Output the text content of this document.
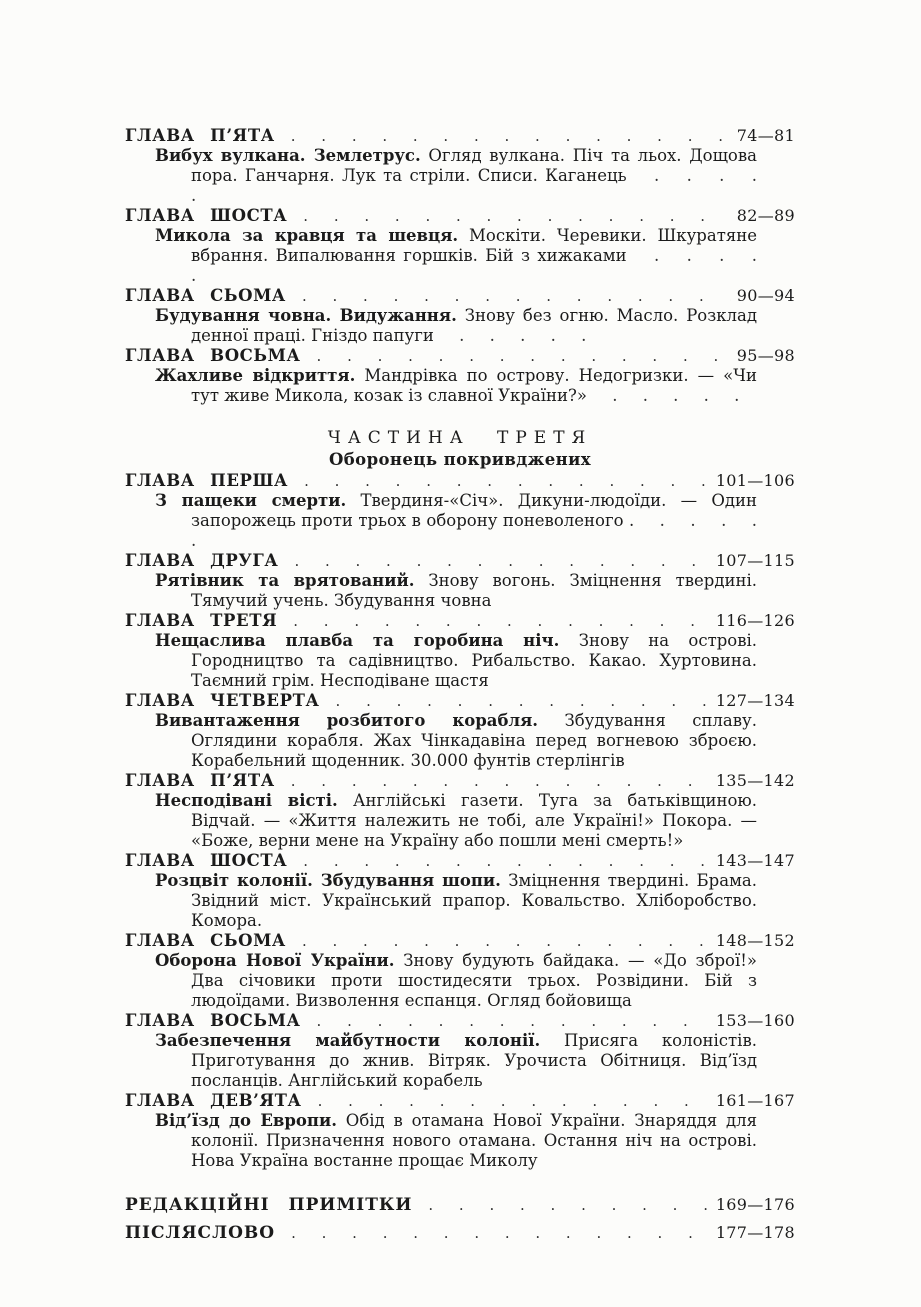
ГЛАВА П’ЯТА . . .	74—81

Вибух вулкана. Землетрус. Огляд вулкана. Піч та льох. Дощова пора. Ганчарня. Лук та стріли. Списи. Каганець . . . . .

ГЛАВА ШОСТА . . .	82—89

Микола за кравця та шевця. Москіти. Черевики. Шкуратяне вбрання. Випалювання горшків. Бій з хижаками . . . . .

ГЛАВА СЬОМА . . .	90—94

Будування човна. Видужання. Знову без огню. Масло. Розклад денної праці. Гніздо папуги . . . . .

ГЛАВА ВОСЬМА . . .	95—98

Жахливе відкриття. Мандрівка по острову. Недогризки. — «Чи тут живе Микола, козак із славної України?» . . . . .

ЧАСТИНА ТРЕТЯ
Оборонець покривджених
ГЛАВА ПЕРША . . .	101—106

З пащеки смерти. Твердиня-«Січ». Дикуни-людоїди. — Один запорожець проти трьох в оборону поневоленого . . . . . .

ГЛАВА ДРУГА . . .	107—115

Рятівник та врятований. Знову вогонь. Зміцнення твердині. Тямучий учень. Збудування човна

ГЛАВА ТРЕТЯ . . .	116—126

Нещаслива плавба та горобина ніч. Знову на острові. Городництво та садівництво. Рибальство. Какао. Хуртовина. Таємний грім. Несподіване щастя

ГЛАВА ЧЕТВЕРТА . . .	127—134

Вивантаження розбитого корабля. Збудування сплаву. Оглядини корабля. Жах Чінкадавіна перед вогневою зброєю. Корабельний щоденник. 30.000 фунтів стерлінгів

ГЛАВА П’ЯТА . . .	135—142

Несподівані вісті. Англійські газети. Туга за батьківщиною. Відчай. — «Життя належить не тобі, але Україні!» Покора. — «Боже, верни мене на Україну або пошли мені смерть!»

ГЛАВА ШОСТА . . .	143—147

Розцвіт колонії. Збудування шопи. Зміцнення твердині. Брама. Звідний міст. Український прапор. Ковальство. Хліборобство. Комора.

ГЛАВА СЬОМА . . .	148—152

Оборона Нової України. Знову будують байдака. — «До зброї!» Два січовики проти шостидесяти трьох. Розвідини. Бій з людоїдами. Визволення еспанця. Огляд бойовища

ГЛАВА ВОСЬМА . . .	153—160

Забезпечення майбутности колонії. Присяга колоністів. Приготування до жнив. Вітряк. Урочиста Обітниця. Від’їзд посланців. Англійський корабель

ГЛАВА ДЕВ’ЯТА . . .	161—167

Від’їзд до Европи. Обід в отамана Нової України. Знаряддя для колонії. Призначення нового отамана. Остання ніч на острові. Нова Україна востанне прощає Миколу

РЕДАКЦІЙНІ ПРИМІТКИ . . .	169—176
ПІСЛЯСЛОВО . . .	177—178
